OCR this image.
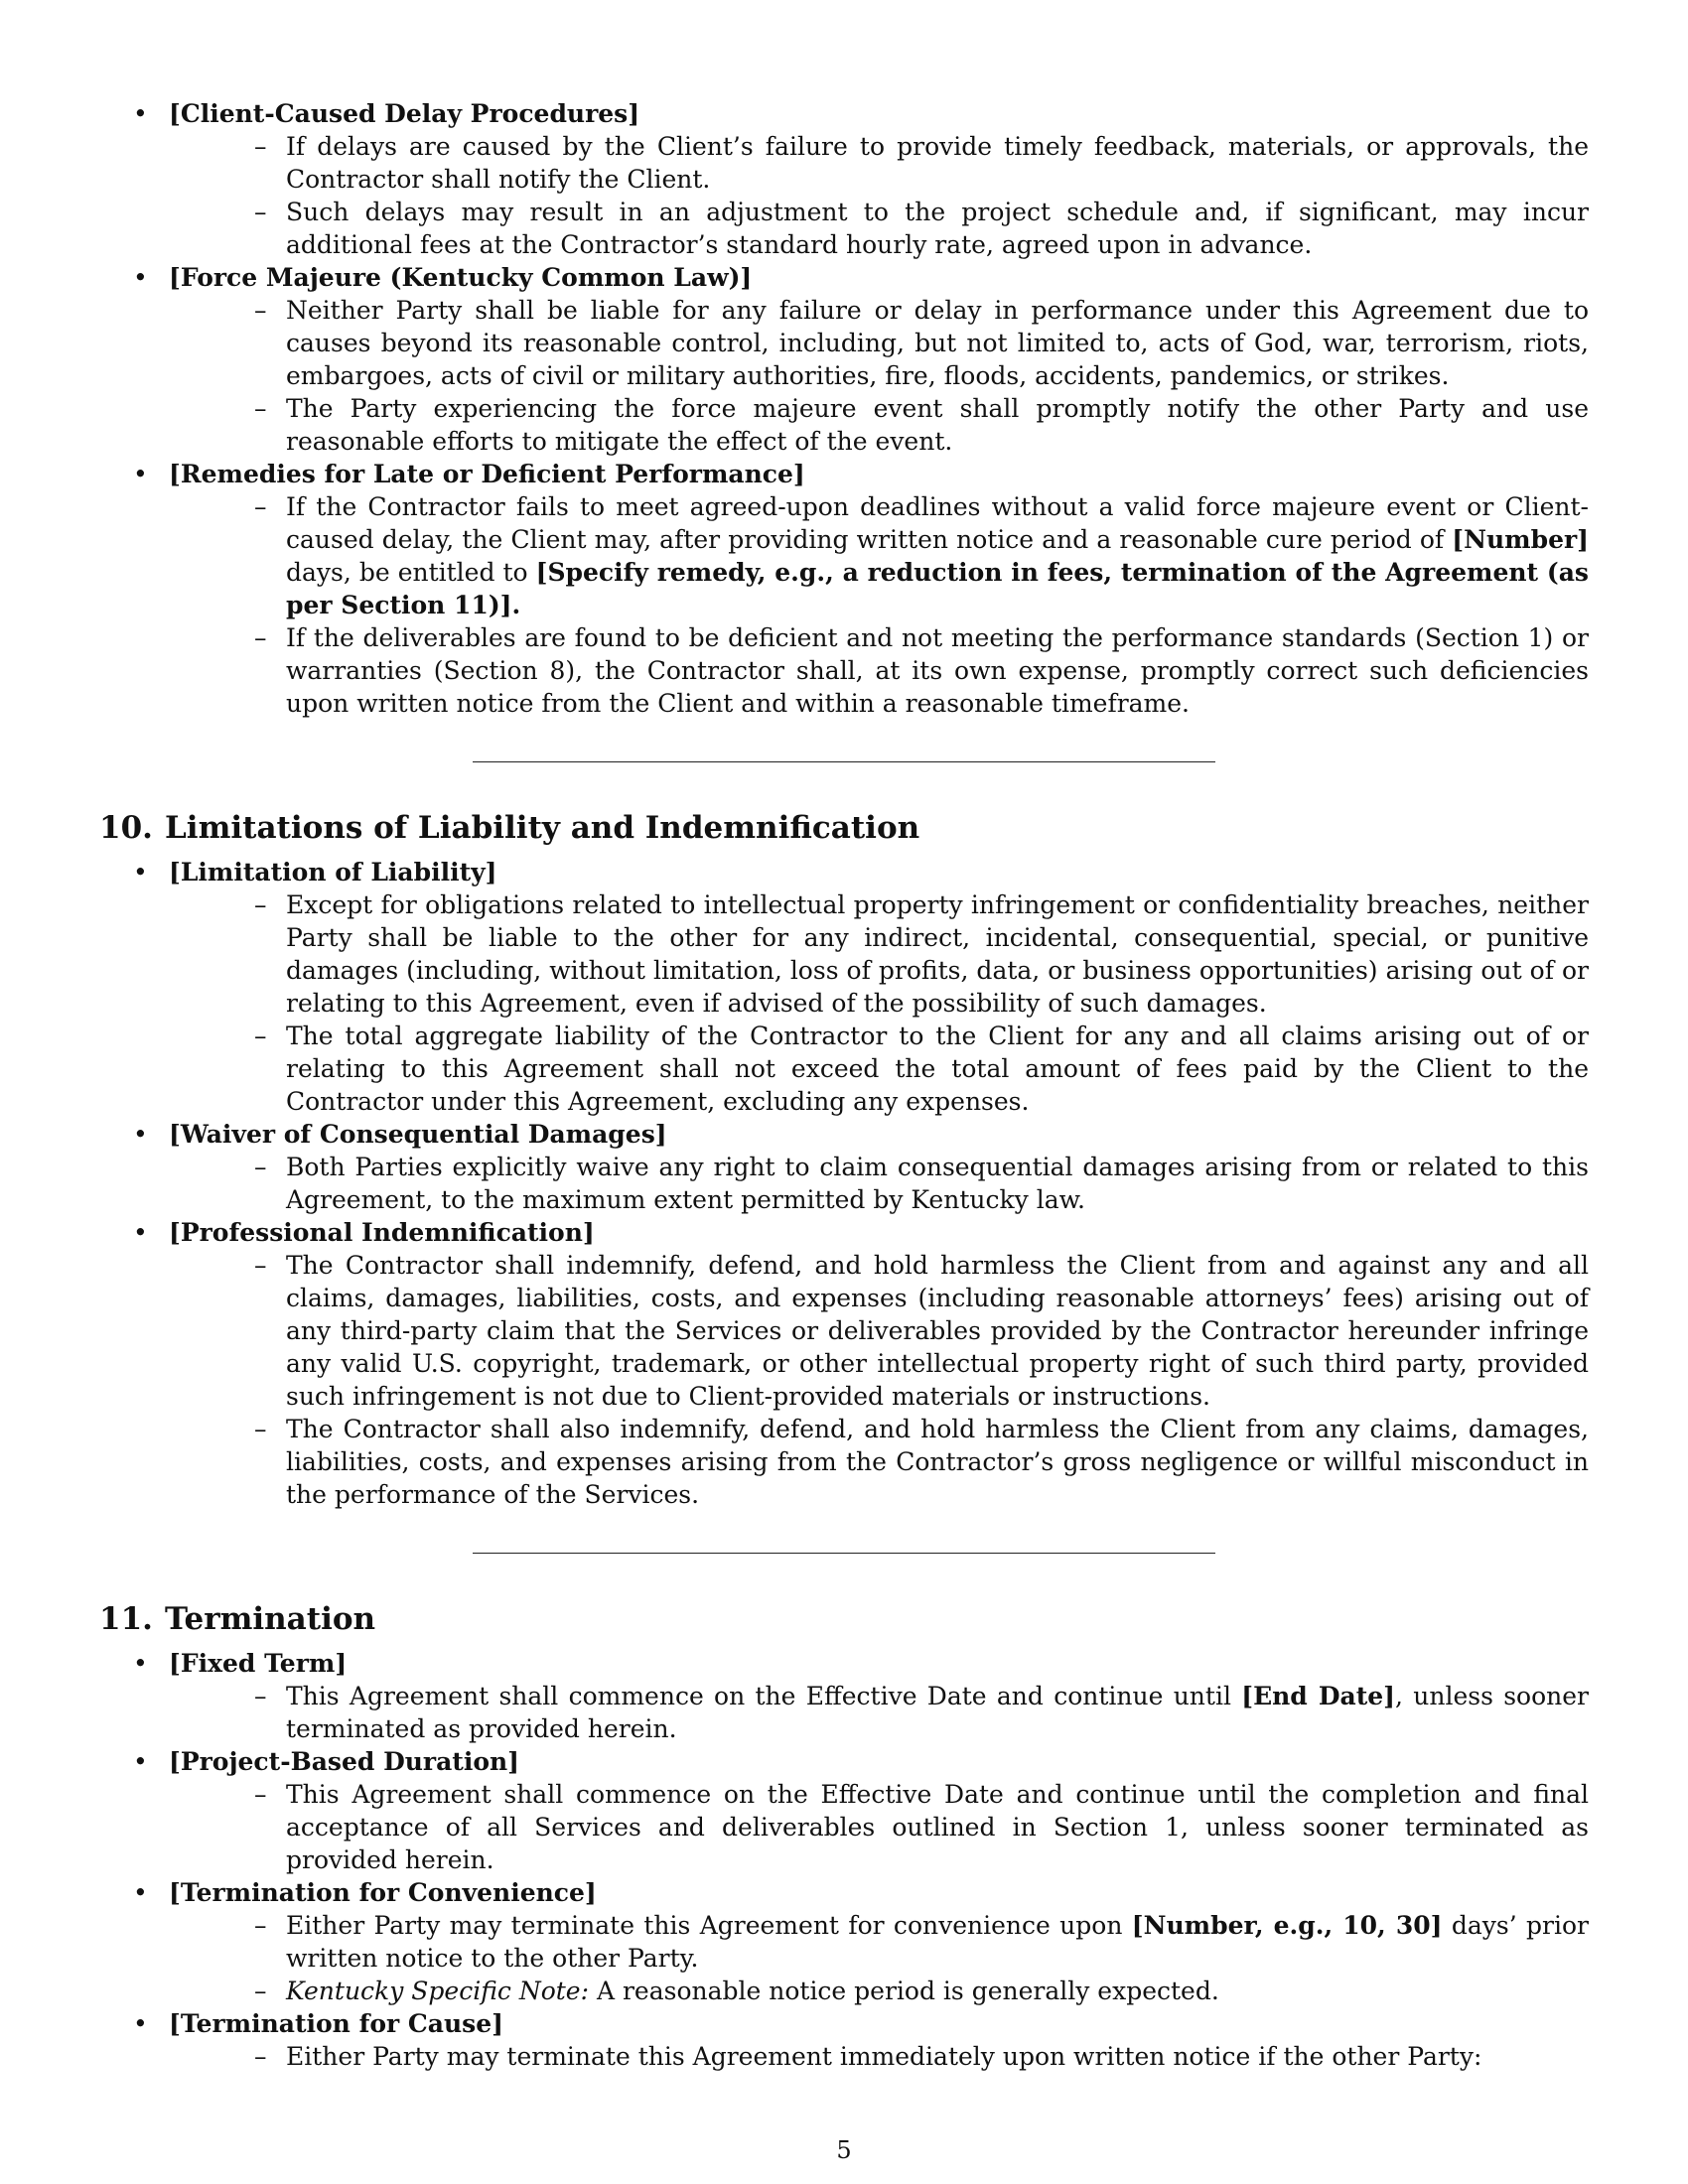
• [Client-Caused Delay Procedures]
– If delays are caused by the Client’s failure to provide timely feedback, materials, or approvals, the Contractor shall notify the Client.
– Such delays may result in an adjustment to the project schedule and, if significant, may incur additional fees at the Contractor’s standard hourly rate, agreed upon in advance.
• [Force Majeure (Kentucky Common Law)]
– Neither Party shall be liable for any failure or delay in performance under this Agreement due to causes beyond its reasonable control, including, but not limited to, acts of God, war, terrorism, riots, embargoes, acts of civil or military authorities, fire, floods, accidents, pandemics, or strikes.
– The Party experiencing the force majeure event shall promptly notify the other Party and use reasonable efforts to mitigate the effect of the event.
• [Remedies for Late or Deficient Performance]
– If the Contractor fails to meet agreed-upon deadlines without a valid force majeure event or Client-caused delay, the Client may, after providing written notice and a reasonable cure period of [Number] days, be entitled to [Specify remedy, e.g., a reduction in fees, termination of the Agreement (as per Section 11)].
– If the deliverables are found to be deficient and not meeting the performance standards (Section 1) or warranties (Section 8), the Contractor shall, at its own expense, promptly correct such deficiencies upon written notice from the Client and within a reasonable timeframe.
10. Limitations of Liability and Indemnification
• [Limitation of Liability]
– Except for obligations related to intellectual property infringement or confidentiality breaches, neither Party shall be liable to the other for any indirect, incidental, consequential, special, or punitive damages (including, without limitation, loss of profits, data, or business opportunities) arising out of or relating to this Agreement, even if advised of the possibility of such damages.
– The total aggregate liability of the Contractor to the Client for any and all claims arising out of or relating to this Agreement shall not exceed the total amount of fees paid by the Client to the Contractor under this Agreement, excluding any expenses.
• [Waiver of Consequential Damages]
– Both Parties explicitly waive any right to claim consequential damages arising from or related to this Agreement, to the maximum extent permitted by Kentucky law.
• [Professional Indemnification]
– The Contractor shall indemnify, defend, and hold harmless the Client from and against any and all claims, damages, liabilities, costs, and expenses (including reasonable attorneys’ fees) arising out of any third-party claim that the Services or deliverables provided by the Contractor hereunder infringe any valid U.S. copyright, trademark, or other intellectual property right of such third party, provided such infringement is not due to Client-provided materials or instructions.
– The Contractor shall also indemnify, defend, and hold harmless the Client from any claims, damages, liabilities, costs, and expenses arising from the Contractor’s gross negligence or willful misconduct in the performance of the Services.
11. Termination
• [Fixed Term]
– This Agreement shall commence on the Effective Date and continue until [End Date], unless sooner terminated as provided herein.
• [Project-Based Duration]
– This Agreement shall commence on the Effective Date and continue until the completion and final acceptance of all Services and deliverables outlined in Section 1, unless sooner terminated as provided herein.
• [Termination for Convenience]
– Either Party may terminate this Agreement for convenience upon [Number, e.g., 10, 30] days’ prior written notice to the other Party.
– Kentucky Specific Note: A reasonable notice period is generally expected.
• [Termination for Cause]
– Either Party may terminate this Agreement immediately upon written notice if the other Party:
5
